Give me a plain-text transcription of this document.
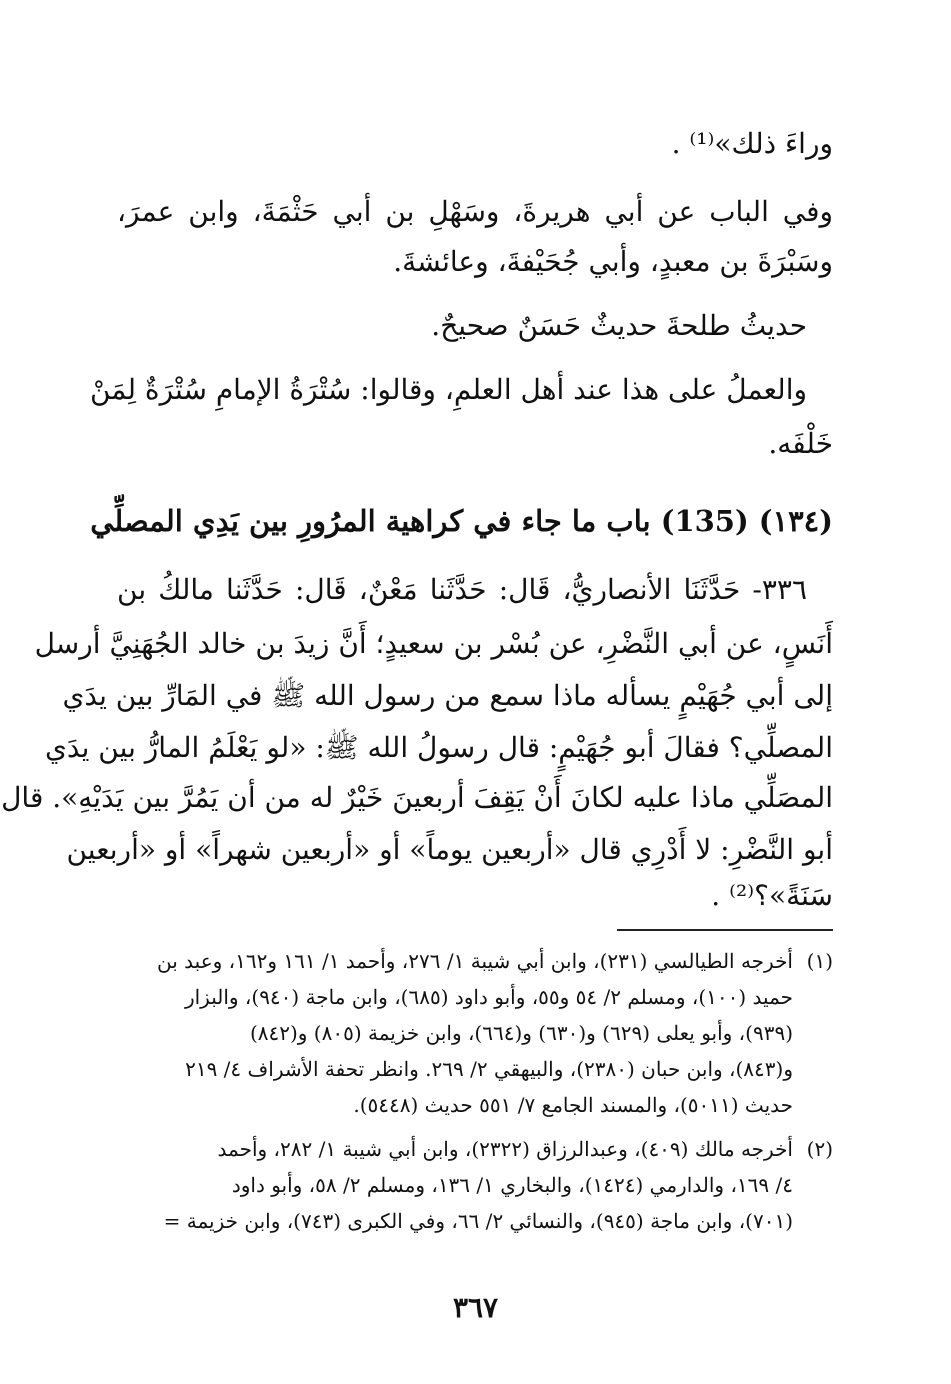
وراءَ ذلك»⁽¹⁾ .
وفي الباب عن أبي هريرةَ، وسَهْلِ بن أبي حَثْمَةَ، وابن عمرَ،
وسَبْرَةَ بن معبدٍ، وأبي جُحَيْفةَ، وعائشةَ.
حديثُ طلحةَ حديثٌ حَسَنٌ صحيحٌ.
والعملُ على هذا عند أهل العلمِ، وقالوا: سُتْرَةُ الإمامِ سُتْرَةٌ لِمَنْ
خَلْفَه.
(١٣٤) (135) باب ما جاء في كراهية المرُورِ بين يَدِي المصلِّي
٣٣٦- حَدَّثَنَا الأنصاريُّ، قَال: حَدَّثَنا مَعْنٌ، قَال: حَدَّثَنا مالكُ بن
أَنَسٍ، عن أبي النَّضْرِ، عن بُسْر بن سعيدٍ؛ أَنَّ زيدَ بن خالد الجُهَنِيَّ أرسل
إلى أبي جُهَيْمٍ يسأله ماذا سمع من رسول الله ﷺ في المَارِّ بين يدَي
المصلِّي؟ فقالَ أبو جُهَيْمٍ: قال رسولُ الله ﷺ: «لو يَعْلَمُ المارُّ بين يدَي
المصَلِّي ماذا عليه لكانَ أَنْ يَقِفَ أربعينَ خَيْرٌ له من أن يَمُرَّ بين يَدَيْهِ». قال
أبو النَّضْرِ: لا أَدْرِي قال «أربعين يوماً» أو «أربعين شهراً» أو «أربعين
سَنَةً»؟⁽²⁾ .
(١)أخرجه الطيالسي (٢٣١)، وابن أبي شيبة ١/ ٢٧٦، وأحمد ١/ ١٦١ و١٦٢، وعبد بن
حميد (١٠٠)، ومسلم ٢/ ٥٤ و٥٥، وأبو داود (٦٨٥)، وابن ماجة (٩٤٠)، والبزار
(٩٣٩)، وأبو يعلى (٦٢٩) و(٦٣٠) و(٦٦٤)، وابن خزيمة (٨٠٥) و(٨٤٢)
و(٨٤٣)، وابن حبان (٢٣٨٠)، والبيهقي ٢/ ٢٦٩. وانظر تحفة الأشراف ٤/ ٢١٩
حديث (٥٠١١)، والمسند الجامع ٧/ ٥٥١ حديث (٥٤٤٨).
(٢)أخرجه مالك (٤٠٩)، وعبدالرزاق (٢٣٢٢)، وابن أبي شيبة ١/ ٢٨٢، وأحمد
٤/ ١٦٩، والدارمي (١٤٢٤)، والبخاري ١/ ١٣٦، ومسلم ٢/ ٥٨، وأبو داود
(٧٠١)، وابن ماجة (٩٤٥)، والنسائي ٢/ ٦٦، وفي الكبرى (٧٤٣)، وابن خزيمة =
٣٦٧
